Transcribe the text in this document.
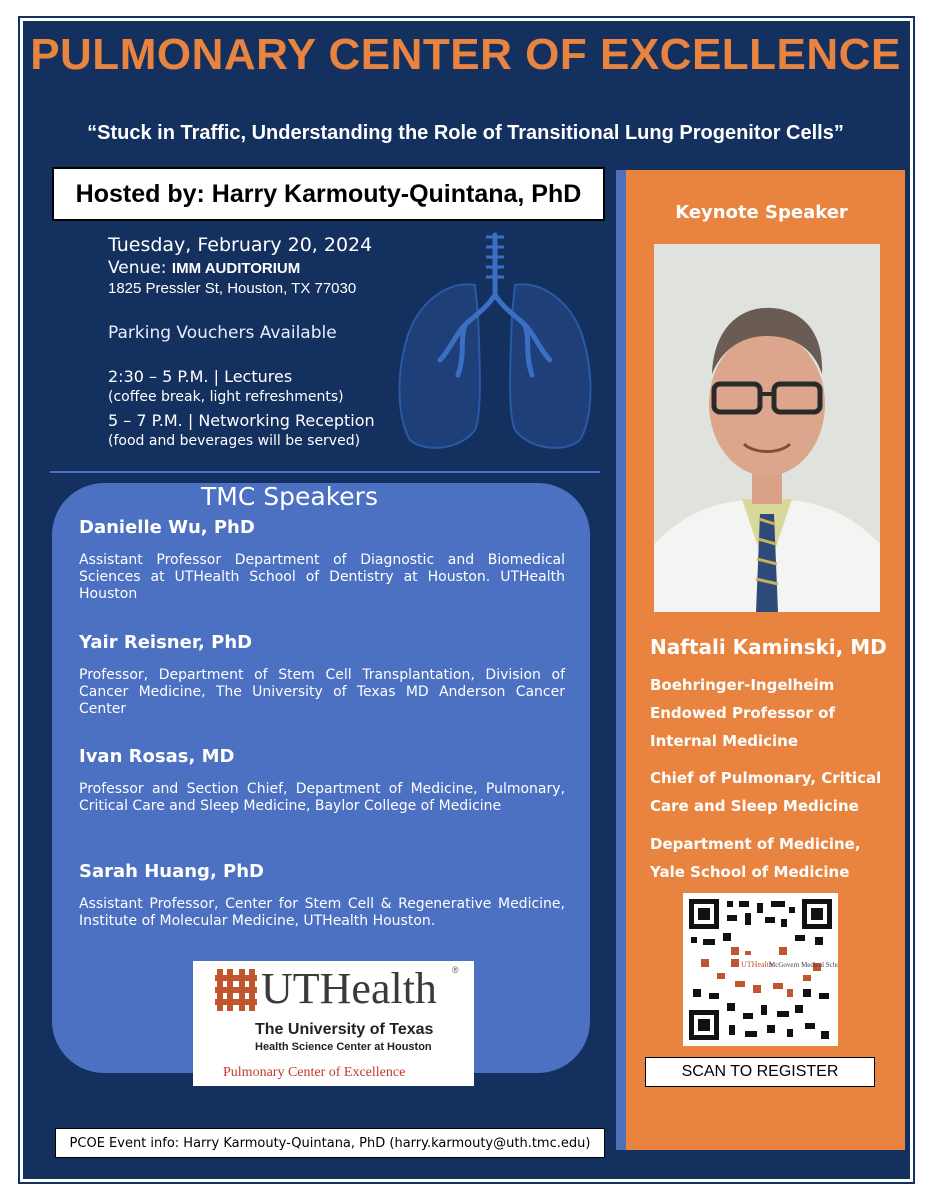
PULMONARY CENTER OF EXCELLENCE
“Stuck in Traffic, Understanding the Role of Transitional Lung Progenitor Cells”
Hosted by: Harry Karmouty-Quintana, PhD
Tuesday, February 20, 2024
Venue: IMM AUDITORIUM
1825 Pressler St, Houston, TX 77030
Parking Vouchers Available
2:30 – 5 P.M. | Lectures
(coffee break, light refreshments)
5 – 7 P.M. | Networking Reception
(food and beverages will be served)
TMC Speakers
Danielle Wu, PhD
Assistant Professor Department of Diagnostic and Biomedical Sciences at UTHealth School of Dentistry at Houston. UTHealth Houston
Yair Reisner, PhD
Professor, Department of Stem Cell Transplantation, Division of Cancer Medicine, The University of Texas MD Anderson Cancer Center
Ivan Rosas, MD
Professor and Section Chief, Department of Medicine, Pulmonary, Critical Care and Sleep Medicine, Baylor College of Medicine
Sarah Huang, PhD
Assistant Professor, Center for Stem Cell & Regenerative Medicine, Institute of Molecular Medicine, UTHealth Houston.
UTHealth ®
The University of Texas
Health Science Center at Houston
Pulmonary Center of Excellence
Keynote Speaker
Naftali Kaminski, MD
Boehringer-Ingelheim Endowed Professor of Internal Medicine
Chief of Pulmonary, Critical Care and Sleep Medicine
Department of Medicine, Yale School of Medicine
UTHealth
McGovern Medical School
SCAN TO REGISTER
PCOE Event info: Harry Karmouty-Quintana, PhD (harry.karmouty@uth.tmc.edu)
